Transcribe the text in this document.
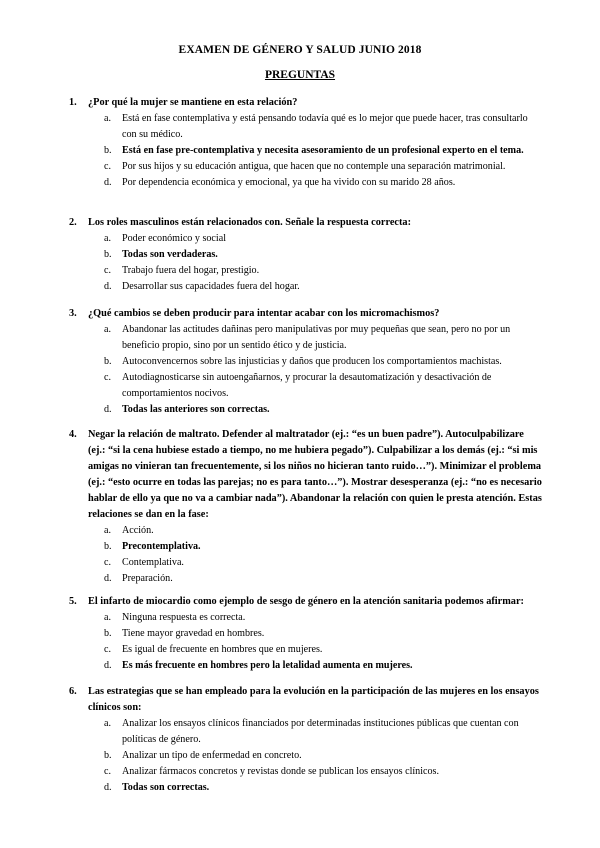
EXAMEN DE GÉNERO Y SALUD JUNIO 2018
PREGUNTAS
1. ¿Por qué la mujer se mantiene en esta relación?
a. Está en fase contemplativa y está pensando todavía qué es lo mejor que puede hacer, tras consultarlo con su médico.
b. Está en fase pre-contemplativa y necesita asesoramiento de un profesional experto en el tema.
c. Por sus hijos y su educación antigua, que hacen que no contemple una separación matrimonial.
d. Por dependencia económica y emocional, ya que ha vivido con su marido 28 años.
2. Los roles masculinos están relacionados con. Señale la respuesta correcta:
a. Poder económico y social
b. Todas son verdaderas.
c. Trabajo fuera del hogar, prestigio.
d. Desarrollar sus capacidades fuera del hogar.
3. ¿Qué cambios se deben producir para intentar acabar con los micromachismos?
a. Abandonar las actitudes dañinas pero manipulativas por muy pequeñas que sean, pero no por un beneficio propio, sino por un sentido ético y de justicia.
b. Autoconvencernos sobre las injusticias y daños que producen los comportamientos machistas.
c. Autodiagnosticarse sin autoengañarnos, y procurar la desautomatización y desactivación de comportamientos nocivos.
d. Todas las anteriores son correctas.
4. Negar la relación de maltrato. Defender al maltratador (ej.: “es un buen padre”). Autoculpabilizare (ej.: “si la cena hubiese estado a tiempo, no me hubiera pegado”). Culpabilizar a los demás (ej.: “si mis amigas no vinieran tan frecuentemente, si los niños no hicieran tanto ruido…”). Minimizar el problema (ej.: “esto ocurre en todas las parejas; no es para tanto…”). Mostrar desesperanza (ej.: “no es necesario hablar de ello ya que no va a cambiar nada”). Abandonar la relación con quien le presta atención. Estas relaciones se dan en la fase:
a. Acción.
b. Precontemplativa.
c. Contemplativa.
d. Preparación.
5. El infarto de miocardio como ejemplo de sesgo de género en la atención sanitaria podemos afirmar:
a. Ninguna respuesta es correcta.
b. Tiene mayor gravedad en hombres.
c. Es igual de frecuente en hombres que en mujeres.
d. Es más frecuente en hombres pero la letalidad aumenta en mujeres.
6. Las estrategias que se han empleado para la evolución en la participación de las mujeres en los ensayos clínicos son:
a. Analizar los ensayos clínicos financiados por determinadas instituciones públicas que cuentan con políticas de género.
b. Analizar un tipo de enfermedad en concreto.
c. Analizar fármacos concretos y revistas donde se publican los ensayos clínicos.
d. Todas son correctas.
